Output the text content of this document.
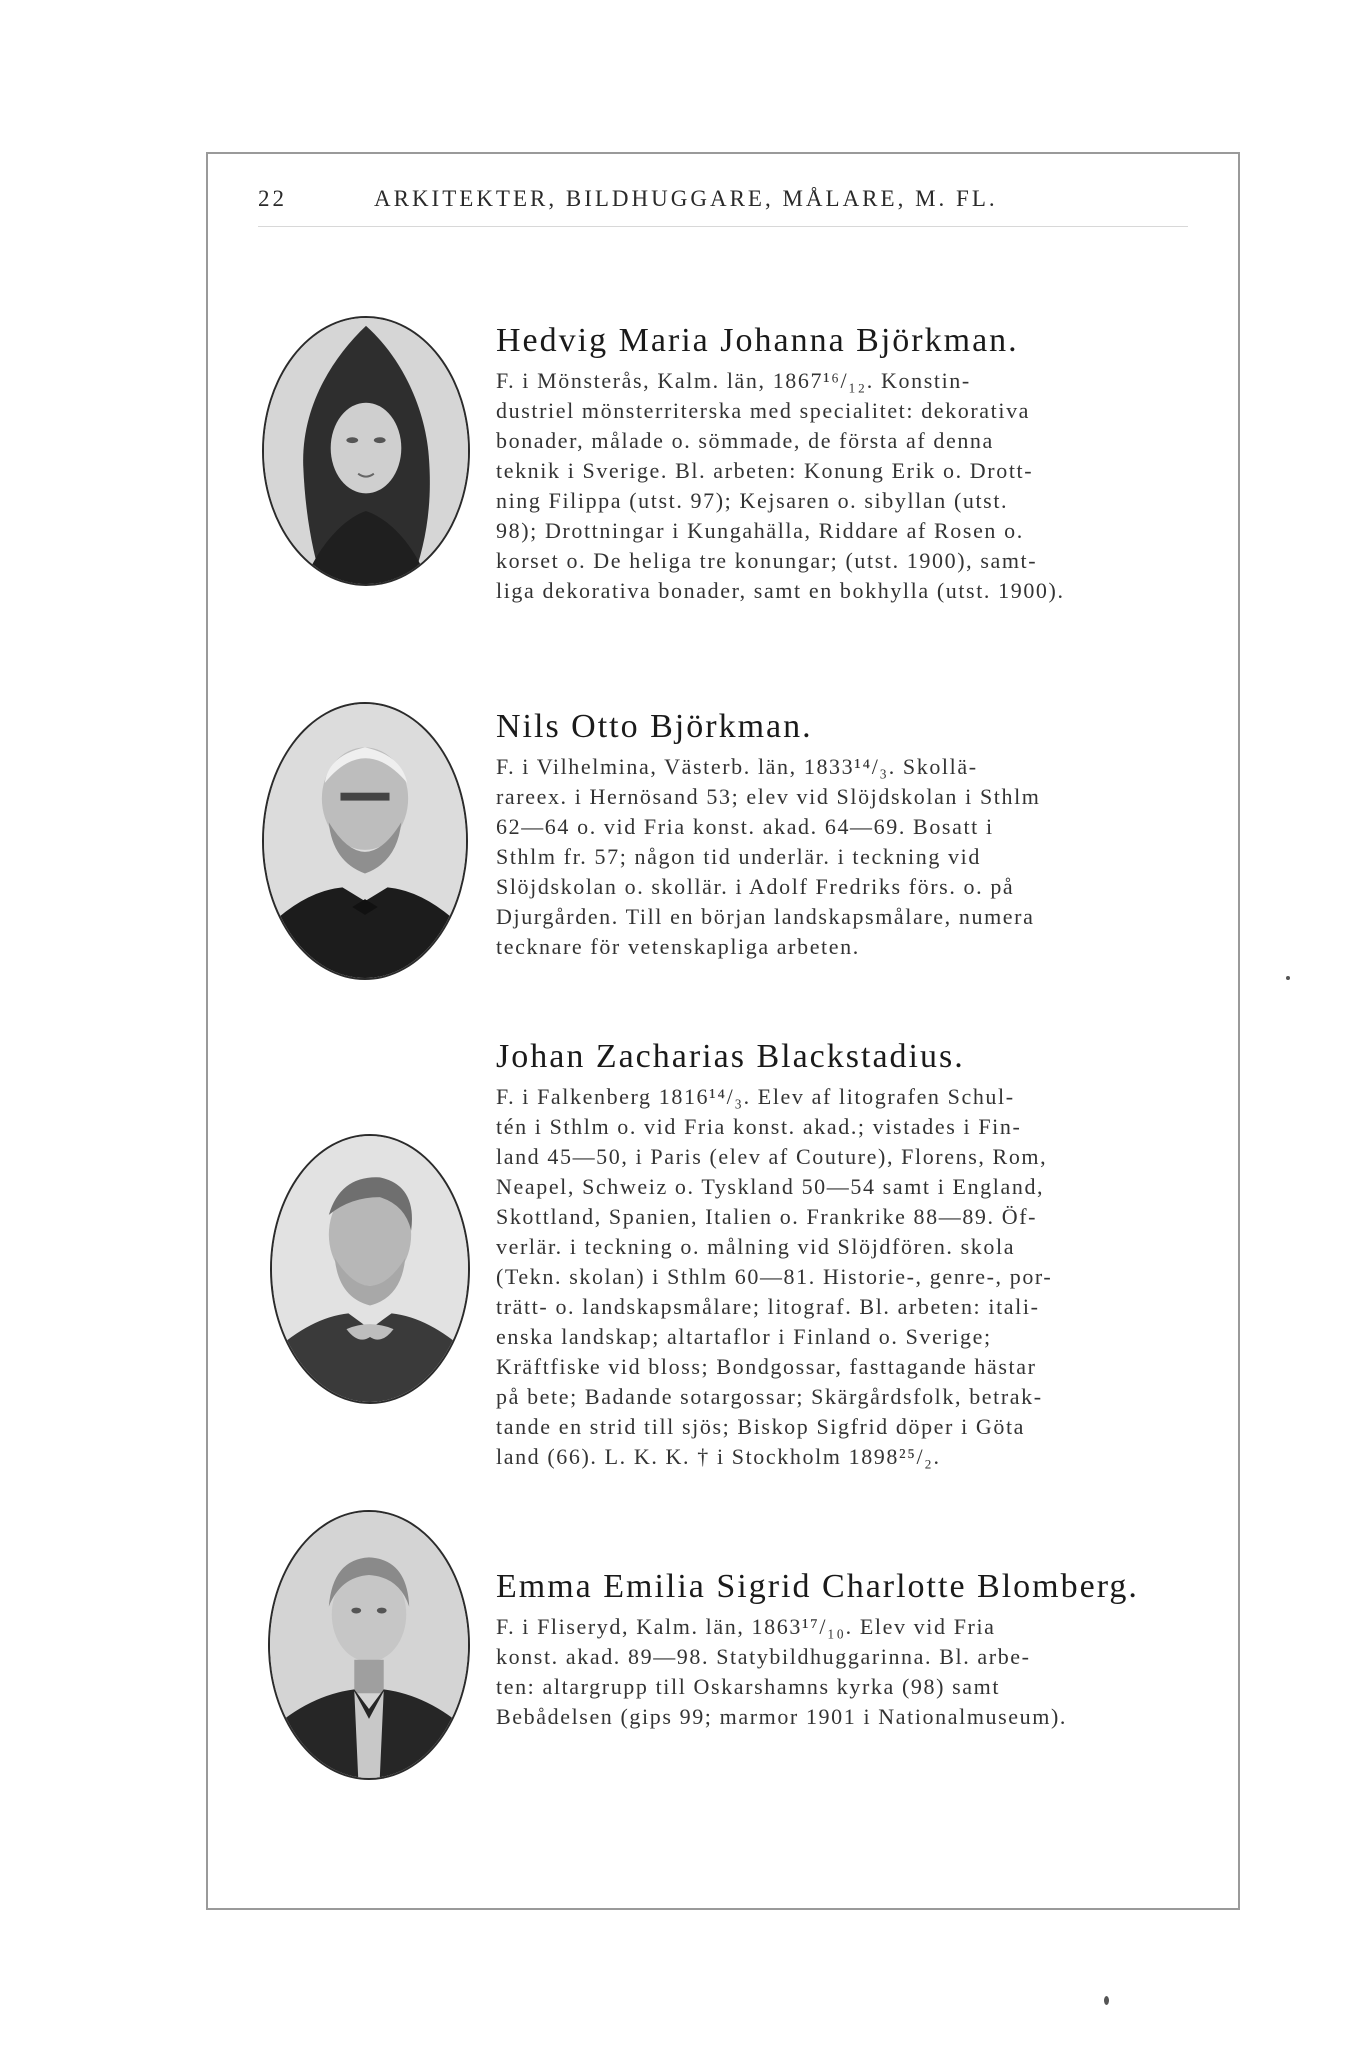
22	ARKITEKTER, BILDHUGGARE, MÅLARE, M. FL.
Hedvig Maria Johanna Björkman.
F. i Mönsterås, Kalm. län, 1867¹⁶/₁₂. Konstin-
dustriel mönsterriterska med specialitet: dekorativa
bonader, målade o. sömmade, de första af denna
teknik i Sverige. Bl. arbeten: Konung Erik o. Drott-
ning Filippa (utst. 97); Kejsaren o. sibyllan (utst.
98); Drottningar i Kungahälla, Riddare af Rosen o.
korset o. De heliga tre konungar; (utst. 1900), samt-
liga dekorativa bonader, samt en bokhylla (utst. 1900).
Nils Otto Björkman.
F. i Vilhelmina, Västerb. län, 1833¹⁴/₃. Skollä-
rareex. i Hernösand 53; elev vid Slöjdskolan i Sthlm
62—64 o. vid Fria konst. akad. 64—69. Bosatt i
Sthlm fr. 57; någon tid underlär. i teckning vid
Slöjdskolan o. skollär. i Adolf Fredriks förs. o. på
Djurgården. Till en början landskapsmålare, numera
tecknare för vetenskapliga arbeten.
Johan Zacharias Blackstadius.
F. i Falkenberg 1816¹⁴/₃. Elev af litografen Schul-
tén i Sthlm o. vid Fria konst. akad.; vistades i Fin-
land 45—50, i Paris (elev af Couture), Florens, Rom,
Neapel, Schweiz o. Tyskland 50—54 samt i England,
Skottland, Spanien, Italien o. Frankrike 88—89. Öf-
verlär. i teckning o. målning vid Slöjdfören. skola
(Tekn. skolan) i Sthlm 60—81. Historie-, genre-, por-
trätt- o. landskapsmålare; litograf. Bl. arbeten: itali-
enska landskap; altartaflor i Finland o. Sverige;
Kräftfiske vid bloss; Bondgossar, fasttagande hästar
på bete; Badande sotargossar; Skärgårdsfolk, betrak-
tande en strid till sjös; Biskop Sigfrid döper i Göta
land (66). L. K. K. † i Stockholm 1898²⁵/₂.
Emma Emilia Sigrid Charlotte Blomberg.
F. i Fliseryd, Kalm. län, 1863¹⁷/₁₀. Elev vid Fria
konst. akad. 89—98. Statybildhuggarinna. Bl. arbe-
ten: altargrupp till Oskarshamns kyrka (98) samt
Bebådelsen (gips 99; marmor 1901 i Nationalmuseum).
